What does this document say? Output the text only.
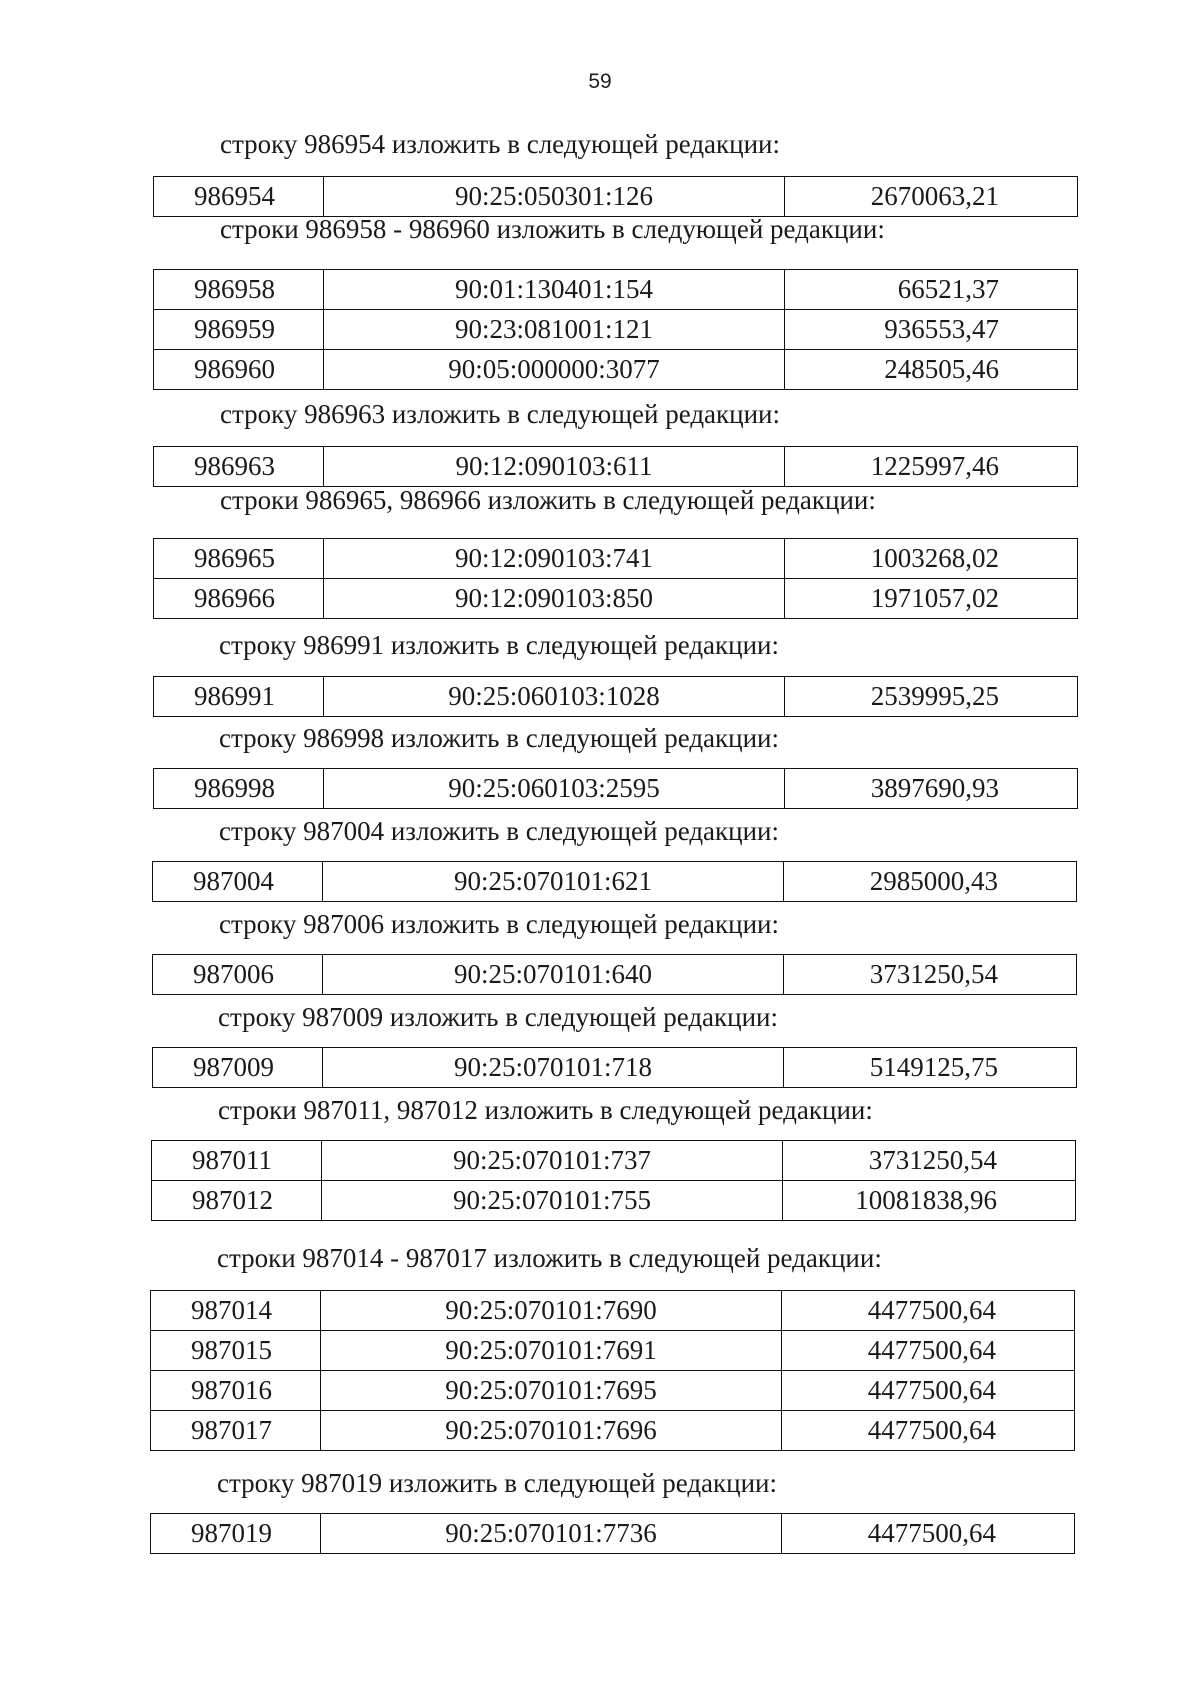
59
строку 986954 изложить в следующей редакции:
986954	90:25:050301:126	2670063,21
строки 986958 - 986960 изложить в следующей редакции:
986958	90:01:130401:154	66521,37
986959	90:23:081001:121	936553,47
986960	90:05:000000:3077	248505,46
строку 986963 изложить в следующей редакции:
986963	90:12:090103:611	1225997,46
строки 986965, 986966 изложить в следующей редакции:
986965	90:12:090103:741	1003268,02
986966	90:12:090103:850	1971057,02
строку 986991 изложить в следующей редакции:
986991	90:25:060103:1028	2539995,25
строку 986998 изложить в следующей редакции:
986998	90:25:060103:2595	3897690,93
строку 987004 изложить в следующей редакции:
987004	90:25:070101:621	2985000,43
строку 987006 изложить в следующей редакции:
987006	90:25:070101:640	3731250,54
строку 987009 изложить в следующей редакции:
987009	90:25:070101:718	5149125,75
строки 987011, 987012 изложить в следующей редакции:
987011	90:25:070101:737	3731250,54
987012	90:25:070101:755	10081838,96
строки 987014 - 987017 изложить в следующей редакции:
987014	90:25:070101:7690	4477500,64
987015	90:25:070101:7691	4477500,64
987016	90:25:070101:7695	4477500,64
987017	90:25:070101:7696	4477500,64
строку 987019 изложить в следующей редакции:
987019	90:25:070101:7736	4477500,64
